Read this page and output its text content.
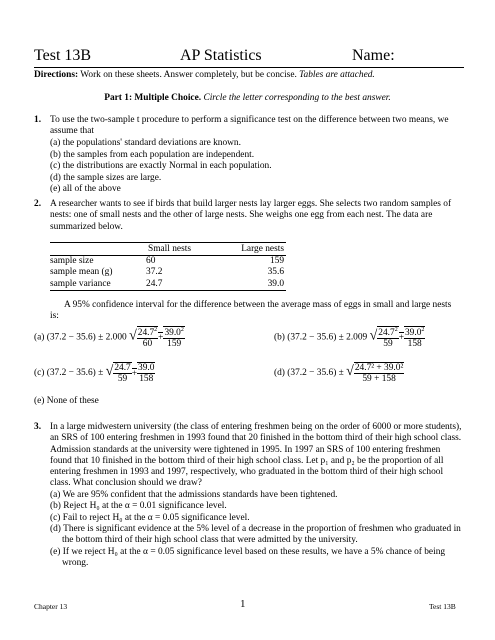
Test 13B	AP Statistics	Name:
Directions: Work on these sheets. Answer completely, but be concise. Tables are attached.
Part 1: Multiple Choice. Circle the letter corresponding to the best answer.
1. To use the two-sample t procedure to perform a significance test on the difference between two means, we assume that
(a) the populations' standard deviations are known.
(b) the samples from each population are independent.
(c) the distributions are exactly Normal in each population.
(d) the sample sizes are large.
(e) all of the above
2. A researcher wants to see if birds that build larger nests lay larger eggs. She selects two random samples of nests: one of small nests and the other of large nests. She weighs one egg from each nest. The data are summarized below.
Small nests	Large nests
sample size	60	159
sample mean (g)	37.2	35.6
sample variance	24.7	39.0
A 95% confidence interval for the difference between the average mass of eggs in small and large nests is:
(a) (37.2 − 35.6) ± 2.000 √ $\frac{24.7^2}{60} + \frac{39.0^2}{159}$	(b) (37.2 − 35.6) ± 2.009 √ $\frac{24.7^2}{59} + \frac{39.0^2}{158}$
(c) (37.2 − 35.6) ± √ $\frac{24.7}{59} + \frac{39.0}{158}$	(d) (37.2 − 35.6) ± √ $\frac{\text{24.7² + 39.0²}}{59 + 158}$
(e) None of these
3. In a large midwestern university (the class of entering freshmen being on the order of 6000 or more students), an SRS of 100 entering freshmen in 1993 found that 20 finished in the bottom third of their high school class. Admission standards at the university were tightened in 1995. In 1997 an SRS of 100 entering freshmen found that 10 finished in the bottom third of their high school class. Let p₁ and p₂ be the proportion of all entering freshmen in 1993 and 1997, respectively, who graduated in the bottom third of their high school class. What conclusion should we draw?
(a) We are 95% confident that the admissions standards have been tightened.
(b) Reject H₀ at the α = 0.01 significance level.
(c) Fail to reject H₀ at the α = 0.05 significance level.
(d) There is significant evidence at the 5% level of a decrease in the proportion of freshmen who graduated in the bottom third of their high school class that were admitted by the university.
(e) If we reject H₀ at the α = 0.05 significance level based on these results, we have a 5% chance of being wrong.
Chapter 13	1	Test 13B
